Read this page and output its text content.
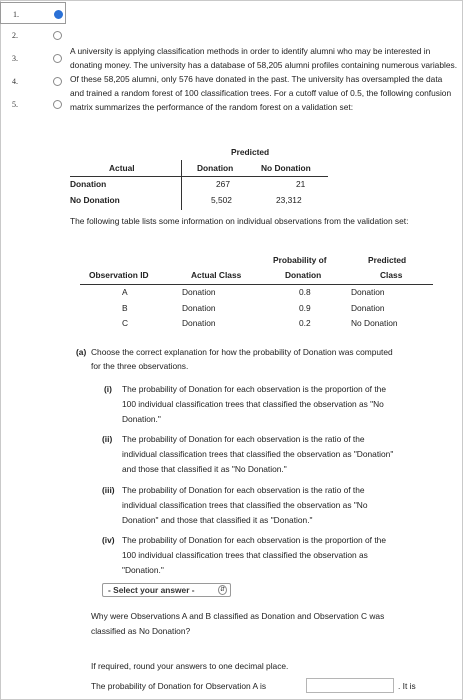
1.
2.
3.
4.
5.

A university is applying classification methods in order to identify alumni who may be interested in donating money. The university has a database of 58,205 alumni profiles containing numerous variables. Of these 58,205 alumni, only 576 have donated in the past. The university has oversampled the data and trained a random forest of 100 classification trees. For a cutoff value of 0.5, the following confusion matrix summarizes the performance of the random forest on a validation set:

Predicted
Actual	Donation	No Donation
Donation	267	21
No Donation	5,502	23,312
The following table lists some information on individual observations from the validation set:
Probability of	Predicted
Observation ID	Actual Class	Donation	Class
A	Donation	0.8	Donation
B	Donation	0.9	Donation
C	Donation	0.2	No Donation
(a) Choose the correct explanation for how the probability of Donation was computed
for the three observations.
(i) The probability of Donation for each observation is the proportion of the
100 individual classification trees that classified the observation as "No
Donation."
(ii) The probability of Donation for each observation is the ratio of the
individual classification trees that classified the observation as "Donation"
and those that classified it as "No Donation."
(iii) The probability of Donation for each observation is the ratio of the
individual classification trees that classified the observation as "No
Donation" and those that classified it as "Donation."
(iv) The probability of Donation for each observation is the proportion of the
100 individual classification trees that classified the observation as
"Donation."
- Select your answer -	⇵
Why were Observations A and B classified as Donation and Observation C was
classified as No Donation?
If required, round your answers to one decimal place.
The probability of Donation for Observation A is	. It is
